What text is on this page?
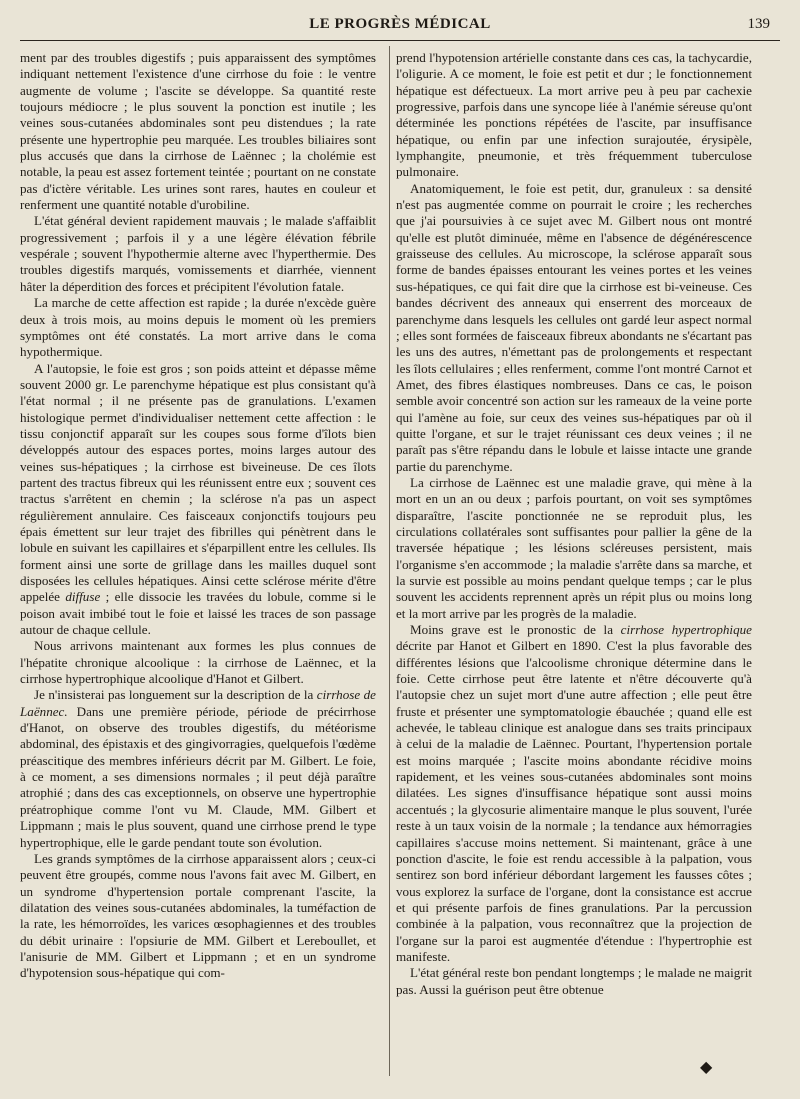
LE PROGRÈS MÉDICAL	139

ment par des troubles digestifs ; puis apparaissent des symptômes indiquant nettement l'existence d'une cirrhose du foie : le ventre augmente de volume ; l'ascite se développe. Sa quantité reste toujours médiocre ; le plus souvent la ponction est inutile ; les veines sous-cutanées abdominales sont peu distendues ; la rate présente une hypertrophie peu marquée. Les troubles biliaires sont plus accusés que dans la cirrhose de Laënnec ; la cholémie est notable, la peau est assez fortement teintée ; pourtant on ne constate pas d'ictère véritable. Les urines sont rares, hautes en couleur et renferment une quantité notable d'urobiline.

L'état général devient rapidement mauvais ; le malade s'affaiblit progressivement ; parfois il y a une légère élévation fébrile vespérale ; souvent l'hypothermie alterne avec l'hyperthermie. Des troubles digestifs marqués, vomissements et diarrhée, viennent hâter la déperdition des forces et précipitent l'évolution fatale.

La marche de cette affection est rapide ; la durée n'excède guère deux à trois mois, au moins depuis le moment où les premiers symptômes ont été constatés. La mort arrive dans le coma hypothermique.

A l'autopsie, le foie est gros ; son poids atteint et dépasse même souvent 2000 gr. Le parenchyme hépatique est plus consistant qu'à l'état normal ; il ne présente pas de granulations. L'examen histologique permet d'individualiser nettement cette affection : le tissu conjonctif apparaît sur les coupes sous forme d'îlots bien développés autour des espaces portes, moins larges autour des veines sus-hépatiques ; la cirrhose est biveineuse. De ces îlots partent des tractus fibreux qui les réunissent entre eux ; souvent ces tractus s'arrêtent en chemin ; la sclérose n'a pas un aspect régulièrement annulaire. Ces faisceaux conjonctifs toujours peu épais émettent sur leur trajet des fibrilles qui pénètrent dans le lobule en suivant les capillaires et s'éparpillent entre les cellules. Ils forment ainsi une sorte de grillage dans les mailles duquel sont disposées les cellules hépatiques. Ainsi cette sclérose mérite d'être appelée diffuse ; elle dissocie les travées du lobule, comme si le poison avait imbibé tout le foie et laissé les traces de son passage autour de chaque cellule.

Nous arrivons maintenant aux formes les plus connues de l'hépatite chronique alcoolique : la cirrhose de Laënnec, et la cirrhose hypertrophique alcoolique d'Hanot et Gilbert.

Je n'insisterai pas longuement sur la description de la cirrhose de Laënnec. Dans une première période, période de précirrhose d'Hanot, on observe des troubles digestifs, du météorisme abdominal, des épistaxis et des gingivorragies, quelquefois l'œdème préascitique des membres inférieurs décrit par M. Gilbert. Le foie, à ce moment, a ses dimensions normales ; il peut déjà paraître atrophié ; dans des cas exceptionnels, on observe une hypertrophie préatrophique comme l'ont vu M. Claude, MM. Gilbert et Lippmann ; mais le plus souvent, quand une cirrhose prend le type hypertrophique, elle le garde pendant toute son évolution.

Les grands symptômes de la cirrhose apparaissent alors ; ceux-ci peuvent être groupés, comme nous l'avons fait avec M. Gilbert, en un syndrome d'hypertension portale comprenant l'ascite, la dilatation des veines sous-cutanées abdominales, la tuméfaction de la rate, les hémorroïdes, les varices œsophagiennes et des troubles du débit urinaire : l'opsiurie de MM. Gilbert et Lereboullet, et l'anisurie de MM. Gilbert et Lippmann ; et en un syndrome d'hypotension sous-hépatique qui com-

prend l'hypotension artérielle constante dans ces cas, la tachycardie, l'oligurie. A ce moment, le foie est petit et dur ; le fonctionnement hépatique est défectueux. La mort arrive peu à peu par cachexie progressive, parfois dans une syncope liée à l'anémie séreuse qu'ont déterminée les ponctions répétées de l'ascite, par insuffisance hépatique, ou enfin par une infection surajoutée, érysipèle, lymphangite, pneumonie, et très fréquemment tuberculose pulmonaire.

Anatomiquement, le foie est petit, dur, granuleux : sa densité n'est pas augmentée comme on pourrait le croire ; les recherches que j'ai poursuivies à ce sujet avec M. Gilbert nous ont montré qu'elle est plutôt diminuée, même en l'absence de dégénérescence graisseuse des cellules. Au microscope, la sclérose apparaît sous forme de bandes épaisses entourant les veines portes et les veines sus-hépatiques, ce qui fait dire que la cirrhose est bi-veineuse. Ces bandes décrivent des anneaux qui enserrent des morceaux de parenchyme dans lesquels les cellules ont gardé leur aspect normal ; elles sont formées de faisceaux fibreux abondants ne s'écartant pas les uns des autres, n'émettant pas de prolongements et respectant les îlots cellulaires ; elles renferment, comme l'ont montré Carnot et Amet, des fibres élastiques nombreuses. Dans ce cas, le poison semble avoir concentré son action sur les rameaux de la veine porte qui l'amène au foie, sur ceux des veines sus-hépatiques par où il quitte l'organe, et sur le trajet réunissant ces deux veines ; il ne paraît pas s'être répandu dans le lobule et laisse intacte une grande partie du parenchyme.

La cirrhose de Laënnec est une maladie grave, qui mène à la mort en un an ou deux ; parfois pourtant, on voit ses symptômes disparaître, l'ascite ponctionnée ne se reproduit plus, les circulations collatérales sont suffisantes pour pallier la gêne de la traversée hépatique ; les lésions scléreuses persistent, mais l'organisme s'en accommode ; la maladie s'arrête dans sa marche, et la survie est possible au moins pendant quelque temps ; car le plus souvent les accidents reprennent après un répit plus ou moins long et la mort arrive par les progrès de la maladie.

Moins grave est le pronostic de la cirrhose hypertrophique décrite par Hanot et Gilbert en 1890. C'est la plus favorable des différentes lésions que l'alcoolisme chronique détermine dans le foie. Cette cirrhose peut être latente et n'être découverte qu'à l'autopsie chez un sujet mort d'une autre affection ; elle peut être fruste et présenter une symptomatologie ébauchée ; quand elle est achevée, le tableau clinique est analogue dans ses traits principaux à celui de la maladie de Laënnec. Pourtant, l'hypertension portale est moins marquée ; l'ascite moins abondante récidive moins rapidement, et les veines sous-cutanées abdominales sont moins dilatées. Les signes d'insuffisance hépatique sont aussi moins accentués ; la glycosurie alimentaire manque le plus souvent, l'urée reste à un taux voisin de la normale ; la tendance aux hémorragies capillaires s'accuse moins nettement. Si maintenant, grâce à une ponction d'ascite, le foie est rendu accessible à la palpation, vous sentirez son bord inférieur débordant largement les fausses côtes ; vous explorez la surface de l'organe, dont la consistance est accrue et qui présente parfois de fines granulations. Par la percussion combinée à la palpation, vous reconnaîtrez que la projection de l'organe sur la paroi est augmentée d'étendue : l'hypertrophie est manifeste.

L'état général reste bon pendant longtemps ; le malade ne maigrit pas. Aussi la guérison peut être obtenue

◆
